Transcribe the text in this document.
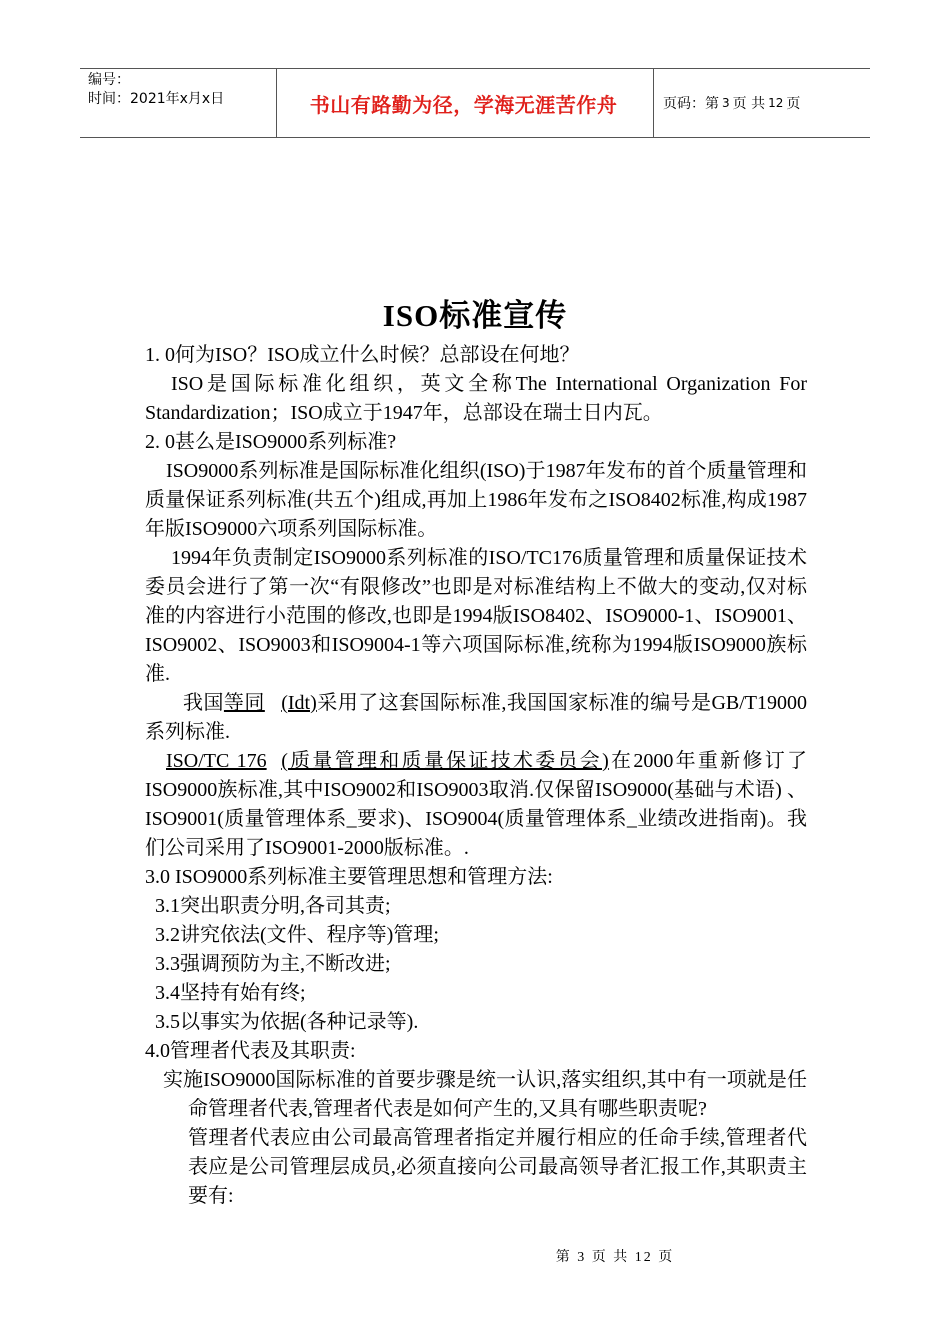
编号：
时间：2021年x月x日	书山有路勤为径，学海无涯苦作舟	页码：第 3 页 共 12 页
ISO标准宣传

1. 0何为ISO？ISO成立什么时候？总部设在何地？

ISO是国际标准化组织，英文全称The International Organization For Standardization；ISO成立于1947年，总部设在瑞士日内瓦。

2. 0甚么是ISO9000系列标准?

ISO9000系列标准是国际标准化组织(ISO)于1987年发布的首个质量管理和质量保证系列标准(共五个)组成,再加上1986年发布之ISO8402标准,构成1987年版ISO9000六项系列国际标准。

1994年负责制定ISO9000系列标准的ISO/TC176质量管理和质量保证技术委员会进行了第一次“有限修改”也即是对标准结构上不做大的变动,仅对标准的内容进行小范围的修改,也即是1994版ISO8402、ISO9000-1、ISO9001、ISO9002、ISO9003和ISO9004-1等六项国际标准,统称为1994版ISO9000族标准.

我国等同 (Idt)采用了这套国际标准,我国国家标准的编号是GB/T19000系列标准.

ISO/TC 176 (质量管理和质量保证技术委员会)在2000年重新修订了ISO9000族标准,其中ISO9002和ISO9003取消.仅保留ISO9000(基础与术语) 、ISO9001(质量管理体系_要求)、ISO9004(质量管理体系_业绩改进指南)。我们公司采用了ISO9001-2000版标准。.

3.0 ISO9000系列标准主要管理思想和管理方法:

3.1突出职责分明,各司其责;

3.2讲究依法(文件、程序等)管理;

3.3强调预防为主,不断改进;

3.4坚持有始有终;

3.5以事实为依据(各种记录等).

4.0管理者代表及其职责:

实施ISO9000国际标准的首要步骤是统一认识,落实组织,其中有一项就是任命管理者代表,管理者代表是如何产生的,又具有哪些职责呢?

管理者代表应由公司最高管理者指定并履行相应的任命手续,管理者代表应是公司管理层成员,必须直接向公司最高领导者汇报工作,其职责主要有:

第 3 页 共 12 页
